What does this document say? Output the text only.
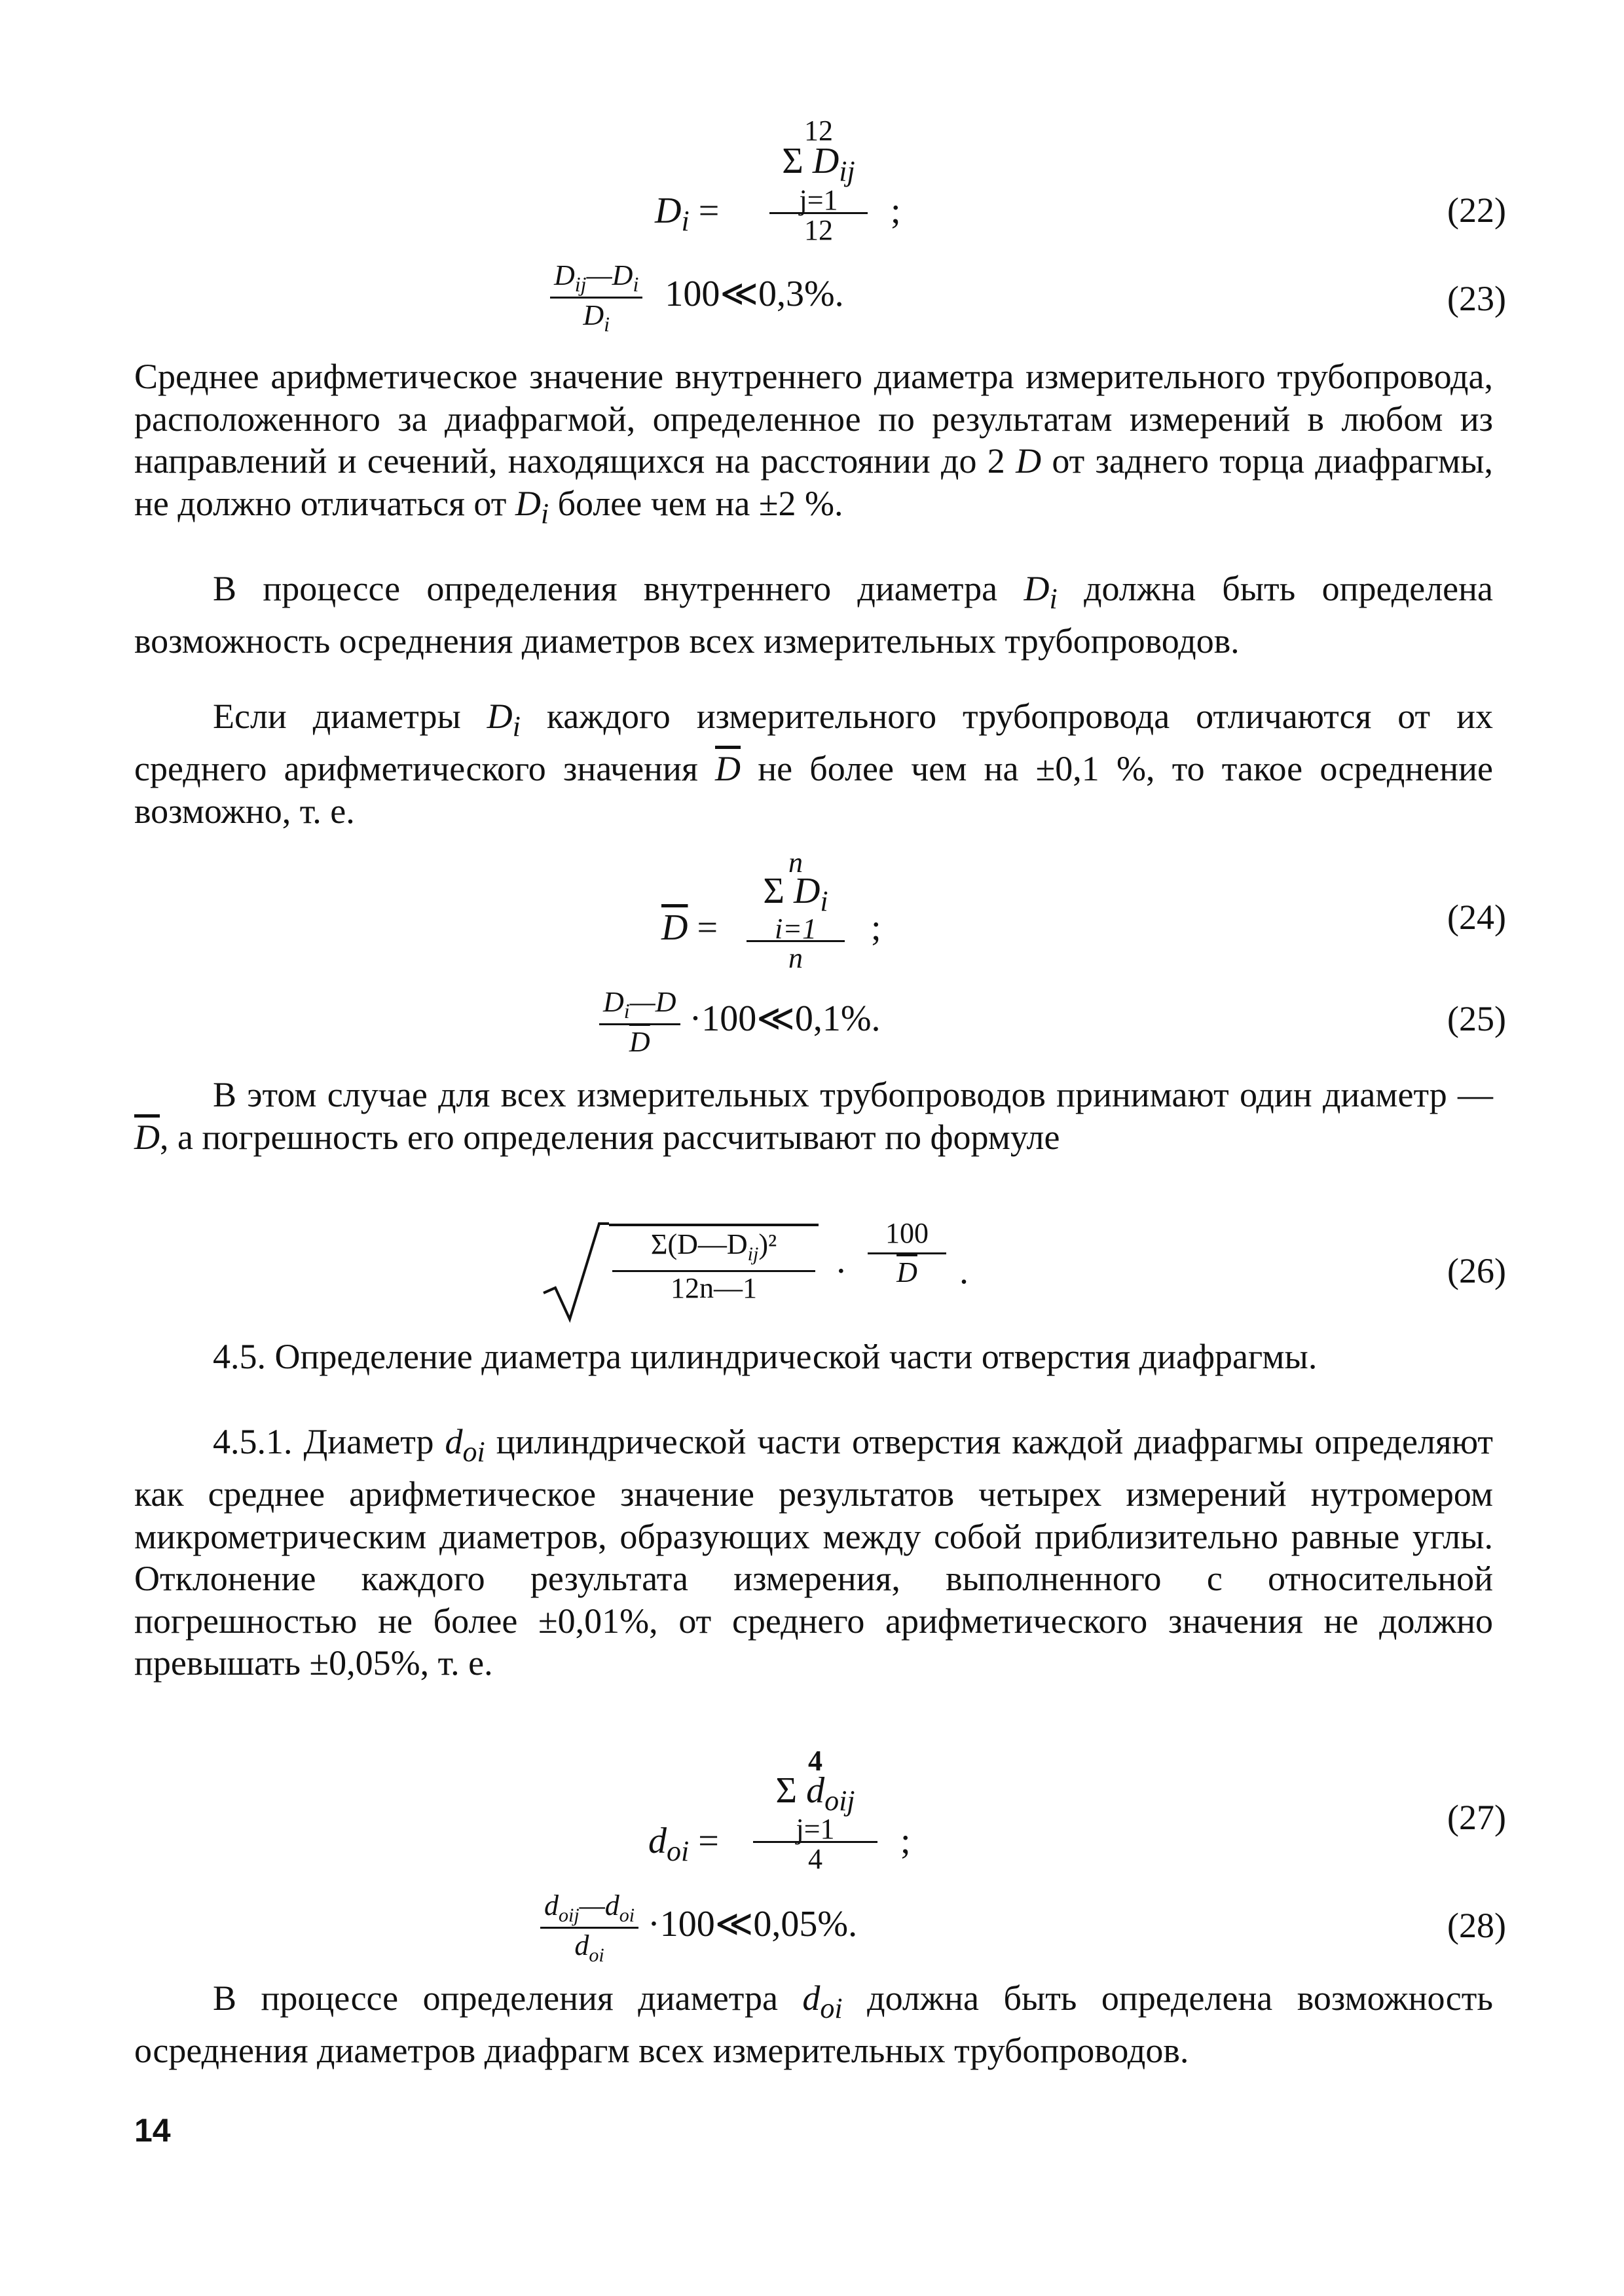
$D_i$ =
12
Σ $D_{ij}$
j=1
12	;	(22)
$\frac{D_{ij}—D_i}{D_i}$ 100≪0,3%.	(23)
Среднее арифметическое значение внутреннего диаметра измерительного трубопровода, расположенного за диафрагмой, определенное по результатам измерений в любом из направлений и сечений, находящихся на расстоянии до 2 D от заднего торца диафрагмы, не должно отличаться от $D_i$ более чем на ±2 %.
В процессе определения внутреннего диаметра $D_i$ должна быть определена возможность осреднения диаметров всех измерительных трубопроводов.
Если диаметры $D_i$ каждого измерительного трубопровода отличаются от их среднего арифметического значения $\overline{D}$ не более чем на ±0,1 %, то такое осреднение возможно, т. е.
$\overline{D}$ =
n
Σ $D_i$
i=1
n
;	(24)
$\frac{D_i—D}{D}$ ·100≪0,1%.	(25)
В этом случае для всех измерительных трубопроводов принимают один диаметр — $\overline{D}$, а погрешность его определения рассчитывают по формуле
$\Sigma(D—D_{ij})^2$
12n—1	·
100
$\overline{D}$	.	(26)
4.5. Определение диаметра цилиндрической части отверстия диафрагмы.
4.5.1. Диаметр $d_{oi}$ цилиндрической части отверстия каждой диафрагмы определяют как среднее арифметическое значение результатов четырех измерений нутромером микрометрическим диаметров, образующих между собой приблизительно равные углы. Отклонение каждого результата измерения, выполненного с относительной погрешностью не более ±0,01%, от среднего арифметического значения не должно превышать ±0,05%, т. е.
$d_{oi}$ =
4
Σ $d_{oij}$
j=1
4	;
(27)
$\frac{d_{oij}—d_{oi}}{d_{oi}}$ ·100≪0,05%.	(28)
В процессе определения диаметра $d_{oi}$ должна быть определена возможность осреднения диаметров диафрагм всех измерительных трубопроводов.
14
